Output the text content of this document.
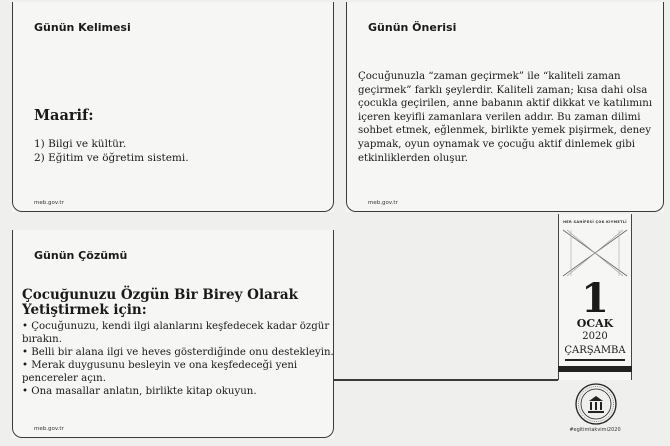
Günün Kelimesi
Maarif:
1) Bilgi ve kültür.
2) Eğitim ve öğretim sistemi.
meb.gov.tr
Günün Önerisi

Çocuğunuzla “zaman geçirmek” ile “kaliteli zaman geçirmek” farklı şeylerdir. Kaliteli zaman; kısa dahi olsa çocukla geçirilen, anne babanın aktif dikkat ve katılımını içeren keyifli zamanlara verilen addır. Bu zaman dilimi sohbet etmek, eğlenmek, birlikte yemek pişirmek, deney yapmak, oyun oynamak ve çocuğu aktif dinlemek gibi etkinliklerden oluşur.

meb.gov.tr
Günün Çözümü
Çocuğunuzu Özgün Bir Birey Olarak Yetiştirmek için:
• Çocuğunuzu, kendi ilgi alanlarını keşfedecek kadar özgür bırakın.
• Belli bir alana ilgi ve heves gösterdiğinde onu destekleyin.
• Merak duygusunu besleyin ve ona keşfedeceği yeni pencereler açın.
• Ona masallar anlatın, birlikte kitap okuyun.
meb.gov.tr
HER SAHİFESİ ÇOK KIYMETLİ
1
OCAK
2020
ÇARŞAMBA
#egitimtakvimi2020
